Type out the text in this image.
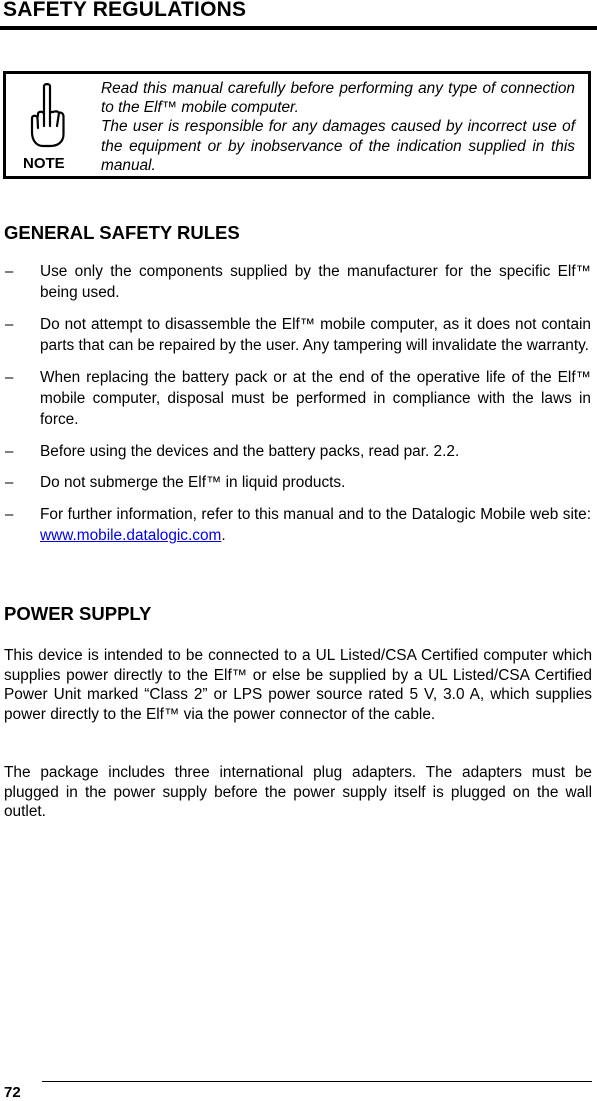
SAFETY REGULATIONS
NOTE

Read this manual carefully before performing any type of connection to the Elf™ mobile computer.

The user is responsible for any damages caused by incorrect use of the equipment or by inobservance of the indication supplied in this manual.

GENERAL SAFETY RULES
–	Use only the components supplied by the manufacturer for the specific Elf™ being used.
–	Do not attempt to disassemble the Elf™ mobile computer, as it does not contain parts that can be repaired by the user. Any tampering will invalidate the warranty.
–	When replacing the battery pack or at the end of the operative life of the Elf™ mobile computer, disposal must be performed in compliance with the laws in force.
–	Before using the devices and the battery packs, read par. 2.2.
–	Do not submerge the Elf™ in liquid products.
–	For further information, refer to this manual and to the Datalogic Mobile web site: www.mobile.datalogic.com.
POWER SUPPLY

This device is intended to be connected to a UL Listed/CSA Certified computer which supplies power directly to the Elf™ or else be supplied by a UL Listed/CSA Certified Power Unit marked “Class 2” or LPS power source rated 5 V, 3.0 A, which supplies power directly to the Elf™ via the power connector of the cable.

The package includes three international plug adapters. The adapters must be plugged in the power supply before the power supply itself is plugged on the wall outlet.

72
